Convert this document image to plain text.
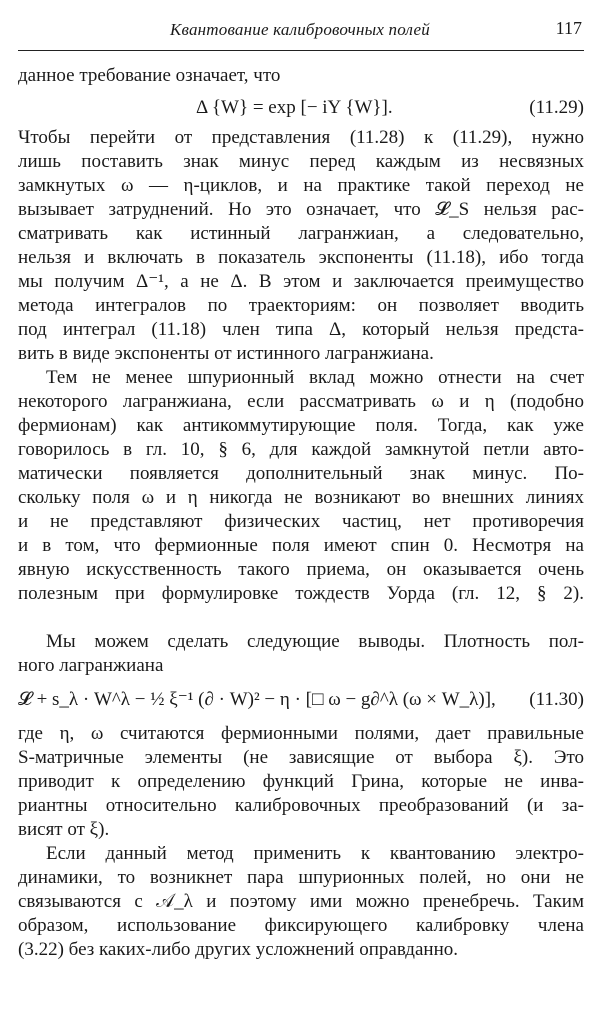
Квантование калибровочных полей	117
данное требование означает, что
Δ {W} = exp [− iY {W}].	(11.29)
Чтобы перейти от представления (11.28) к (11.29), нужно
лишь поставить знак минус перед каждым из несвязных
замкнутых ω — η-циклов, и на практике такой переход не
вызывает затруднений. Но это означает, что 𝓛_S нельзя рас-
сматривать как истинный лагранжиан, а следовательно,
нельзя и включать в показатель экспоненты (11.18), ибо тогда
мы получим Δ⁻¹, а не Δ. В этом и заключается преимущество
метода интегралов по траекториям: он позволяет вводить
под интеграл (11.18) член типа Δ, который нельзя предста-
вить в виде экспоненты от истинного лагранжиана.
Тем не менее шпурионный вклад можно отнести на счет
некоторого лагранжиана, если рассматривать ω и η (подобно
фермионам) как антикоммутирующие поля. Тогда, как уже
говорилось в гл. 10, § 6, для каждой замкнутой петли авто-
матически появляется дополнительный знак минус. По-
скольку поля ω и η никогда не возникают во внешних линиях
и не представляют физических частиц, нет противоречия
и в том, что фермионные поля имеют спин 0. Несмотря на
явную искусственность такого приема, он оказывается очень
полезным при формулировке тождеств Уорда (гл. 12, § 2).
Мы можем сделать следующие выводы. Плотность пол-
ного лагранжиана
𝓛 + s_λ · W^λ − ½ ξ⁻¹ (∂ · W)² − η · [□ ω − g∂^λ (ω × W_λ)], (11.30)
где η, ω считаются фермионными полями, дает правильные
S-матричные элементы (не зависящие от выбора ξ). Это
приводит к определению функций Грина, которые не инва-
риантны относительно калибровочных преобразований (и за-
висят от ξ).
Если данный метод применить к квантованию электро-
динамики, то возникнет пара шпурионных полей, но они не
связываются с 𝒜_λ и поэтому ими можно пренебречь. Таким
образом, использование фиксирующего калибровку члена
(3.22) без каких-либо других усложнений оправданно.
